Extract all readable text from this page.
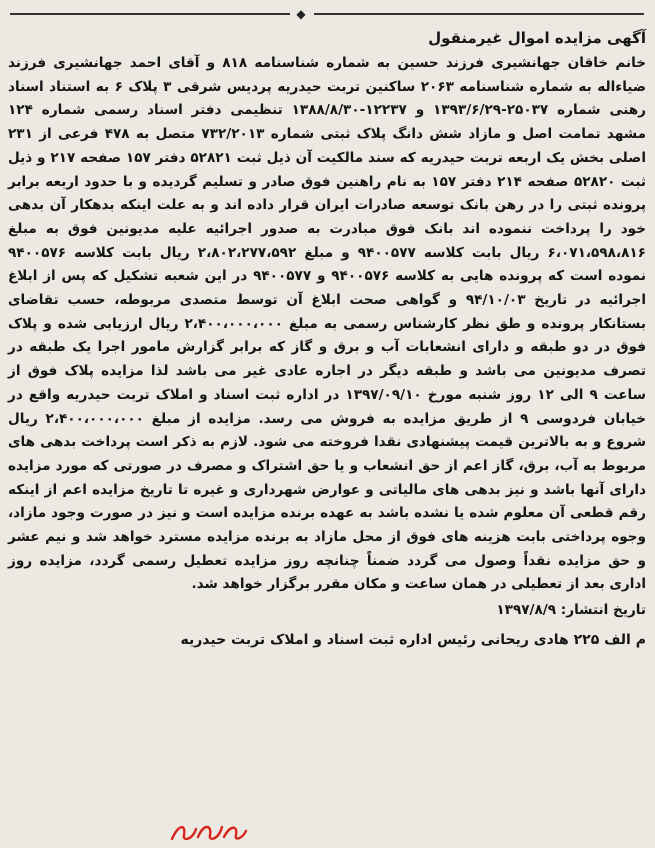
◆
آگهی مزایده اموال غیرمنقول

خانم خاقان جهانشیری فرزند حسین به شماره شناسنامه ۸۱۸ و آقای احمد جهانشیری فرزند ضیاءاله به شماره شناسنامه ۲۰۶۳ ساکنین تربت حیدریه پردیس شرقی ۳ پلاک ۶ به استناد اسناد رهنی شماره ۲۵۰۳۷-۱۳۹۳/۶/۲۹ و ۱۲۲۳۷-۱۳۸۸/۸/۳۰ تنظیمی دفتر اسناد رسمی شماره ۱۲۴ مشهد تمامت اصل و مازاد شش دانگ پلاک ثبتی شماره ۷۳۲/۲۰۱۳ متصل به ۴۷۸ فرعی از ۲۳۱ اصلی بخش یک اربعه تربت حیدریه که سند مالکیت آن ذیل ثبت ۵۲۸۲۱ دفتر ۱۵۷ صفحه ۲۱۷ و ذیل ثبت ۵۲۸۲۰ صفحه ۲۱۴ دفتر ۱۵۷ به نام راهنین فوق صادر و تسلیم گردیده و با حدود اربعه برابر پرونده ثبتی را در رهن بانک توسعه صادرات ایران قرار داده اند و به علت اینکه بدهکار آن بدهی خود را پرداخت ننموده اند بانک فوق مبادرت به صدور اجرائیه علیه مدیونین فوق به مبلغ ۶،۰۷۱،۵۹۸،۸۱۶ ریال بابت کلاسه ۹۴۰۰۵۷۷ و مبلغ ۲،۸۰۲،۲۷۷،۵۹۲ ریال بابت کلاسه ۹۴۰۰۵۷۶ نموده است که پرونده هایی به کلاسه ۹۴۰۰۵۷۶ و ۹۴۰۰۵۷۷ در این شعبه تشکیل که پس از ابلاغ اجرائیه در تاریخ ۹۴/۱۰/۰۳ و گواهی صحت ابلاغ آن توسط متصدی مربوطه، حسب تقاضای بستانکار پرونده و طق نظر کارشناس رسمی به مبلغ ۲،۴۰۰،۰۰۰،۰۰۰ ریال ارزیابی شده و پلاک فوق در دو طبقه و دارای انشعابات آب و برق و گاز که برابر گزارش مامور اجرا یک طبقه در تصرف مدیونین می باشد و طبقه دیگر در اجاره عادی غیر می باشد لذا مزایده پلاک فوق از ساعت ۹ الی ۱۲ روز شنبه مورخ ۱۳۹۷/۰۹/۱۰ در اداره ثبت اسناد و املاک تربت حیدریه واقع در خیابان فردوسی ۹ از طریق مزایده به فروش می رسد. مزایده از مبلغ ۲،۴۰۰،۰۰۰،۰۰۰ ریال شروع و به بالاترین قیمت پیشنهادی نقدا فروخته می شود. لازم به ذکر است پرداخت بدهی های مربوط به آب، برق، گاز اعم از حق انشعاب و یا حق اشتراک و مصرف در صورتی که مورد مزایده دارای آنها باشد و نیز بدهی های مالیاتی و عوارض شهرداری و غیره تا تاریخ مزایده اعم از اینکه رقم قطعی آن معلوم شده یا نشده باشد به عهده برنده مزایده است و نیز در صورت وجود مازاد، وجوه پرداختی بابت هزینه های فوق از محل مازاد به برنده مزایده مسترد خواهد شد و نیم عشر و حق مزایده نقداً وصول می گردد ضمناً چنانچه روز مزایده تعطیل رسمی گردد، مزایده روز اداری بعد از تعطیلی در همان ساعت و مکان مقرر برگزار خواهد شد.

تاریخ انتشار: ۱۳۹۷/۸/۹
م الف ۲۲۵ هادی ریحانی رئیس اداره ثبت اسناد و املاک تربت حیدریه
